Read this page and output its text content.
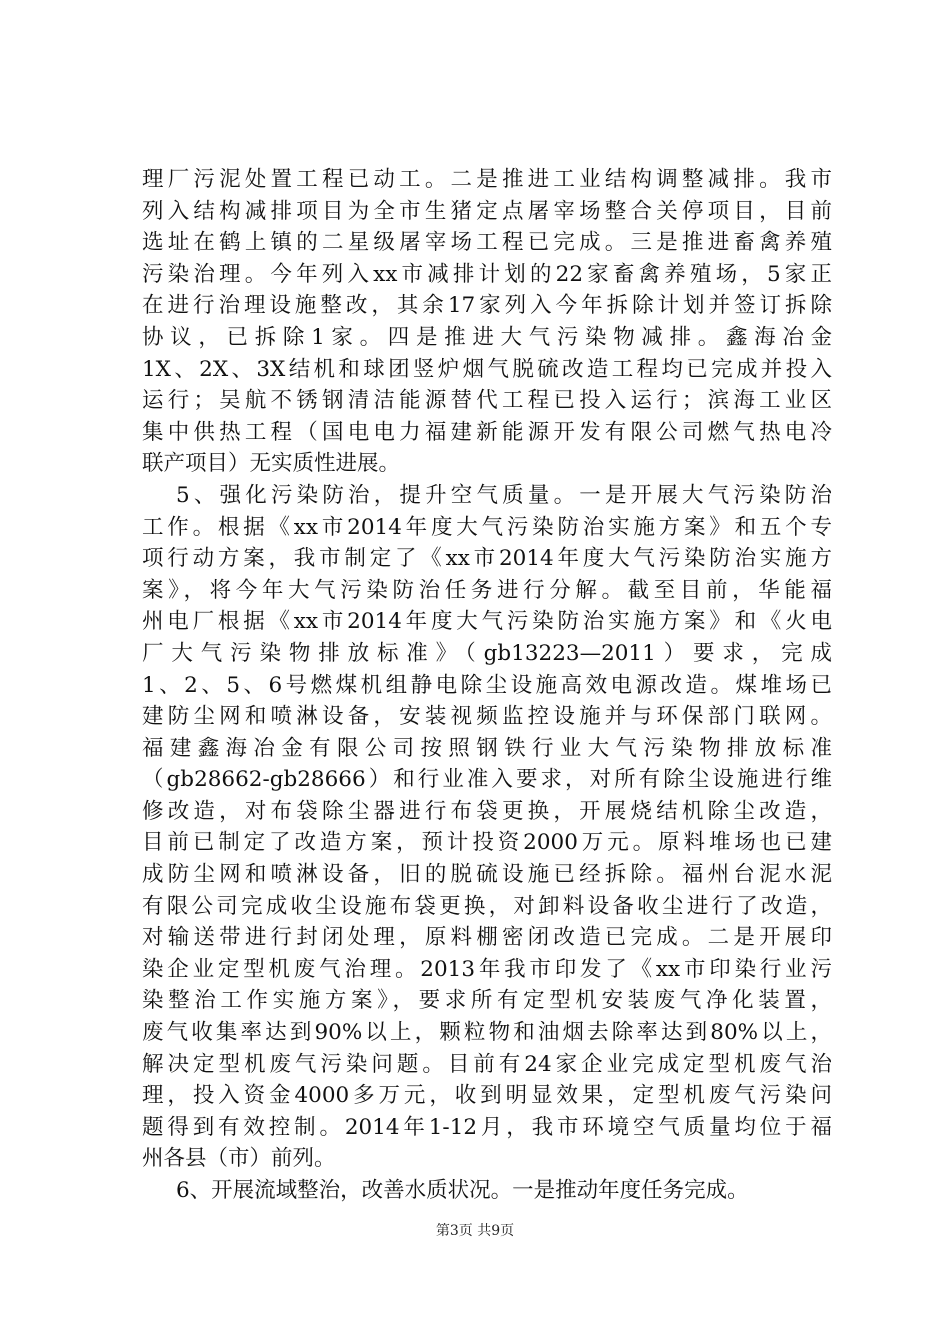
理厂污泥处置工程已动工。二是推进工业结构调整减排。我市
列入结构减排项目为全市生猪定点屠宰场整合关停项目，目前
选址在鹤上镇的二星级屠宰场工程已完成。三是推进畜禽养殖
污染治理。今年列入xx市减排计划的22家畜禽养殖场，5家正
在进行治理设施整改，其余17家列入今年拆除计划并签订拆除
协议，已拆除1家。四是推进大气污染物减排。鑫海冶金
1X、2X、3X结机和球团竖炉烟气脱硫改造工程均已完成并投入
运行；吴航不锈钢清洁能源替代工程已投入运行；滨海工业区
集中供热工程（国电电力福建新能源开发有限公司燃气热电冷
联产项目）无实质性进展。
5、强化污染防治，提升空气质量。一是开展大气污染防治
工作。根据《xx市2014年度大气污染防治实施方案》和五个专
项行动方案，我市制定了《xx市2014年度大气污染防治实施方
案》，将今年大气污染防治任务进行分解。截至目前，华能福
州电厂根据《xx市2014年度大气污染防治实施方案》和《火电
厂大气污染物排放标准》（gb13223—2011）要求，完成
1、2、5、6号燃煤机组静电除尘设施高效电源改造。煤堆场已
建防尘网和喷淋设备，安装视频监控设施并与环保部门联网。
福建鑫海冶金有限公司按照钢铁行业大气污染物排放标准
（gb28662-gb28666）和行业准入要求，对所有除尘设施进行维
修改造，对布袋除尘器进行布袋更换，开展烧结机除尘改造，
目前已制定了改造方案，预计投资2000万元。原料堆场也已建
成防尘网和喷淋设备，旧的脱硫设施已经拆除。福州台泥水泥
有限公司完成收尘设施布袋更换，对卸料设备收尘进行了改造，
对输送带进行封闭处理，原料棚密闭改造已完成。二是开展印
染企业定型机废气治理。2013年我市印发了《xx市印染行业污
染整治工作实施方案》，要求所有定型机安装废气净化装置，
废气收集率达到90%以上，颗粒物和油烟去除率达到80%以上，
解决定型机废气污染问题。目前有24家企业完成定型机废气治
理，投入资金4000多万元，收到明显效果，定型机废气污染问
题得到有效控制。2014年1-12月，我市环境空气质量均位于福
州各县（市）前列。
6、开展流域整治，改善水质状况。一是推动年度任务完成。
第3页 共9页
